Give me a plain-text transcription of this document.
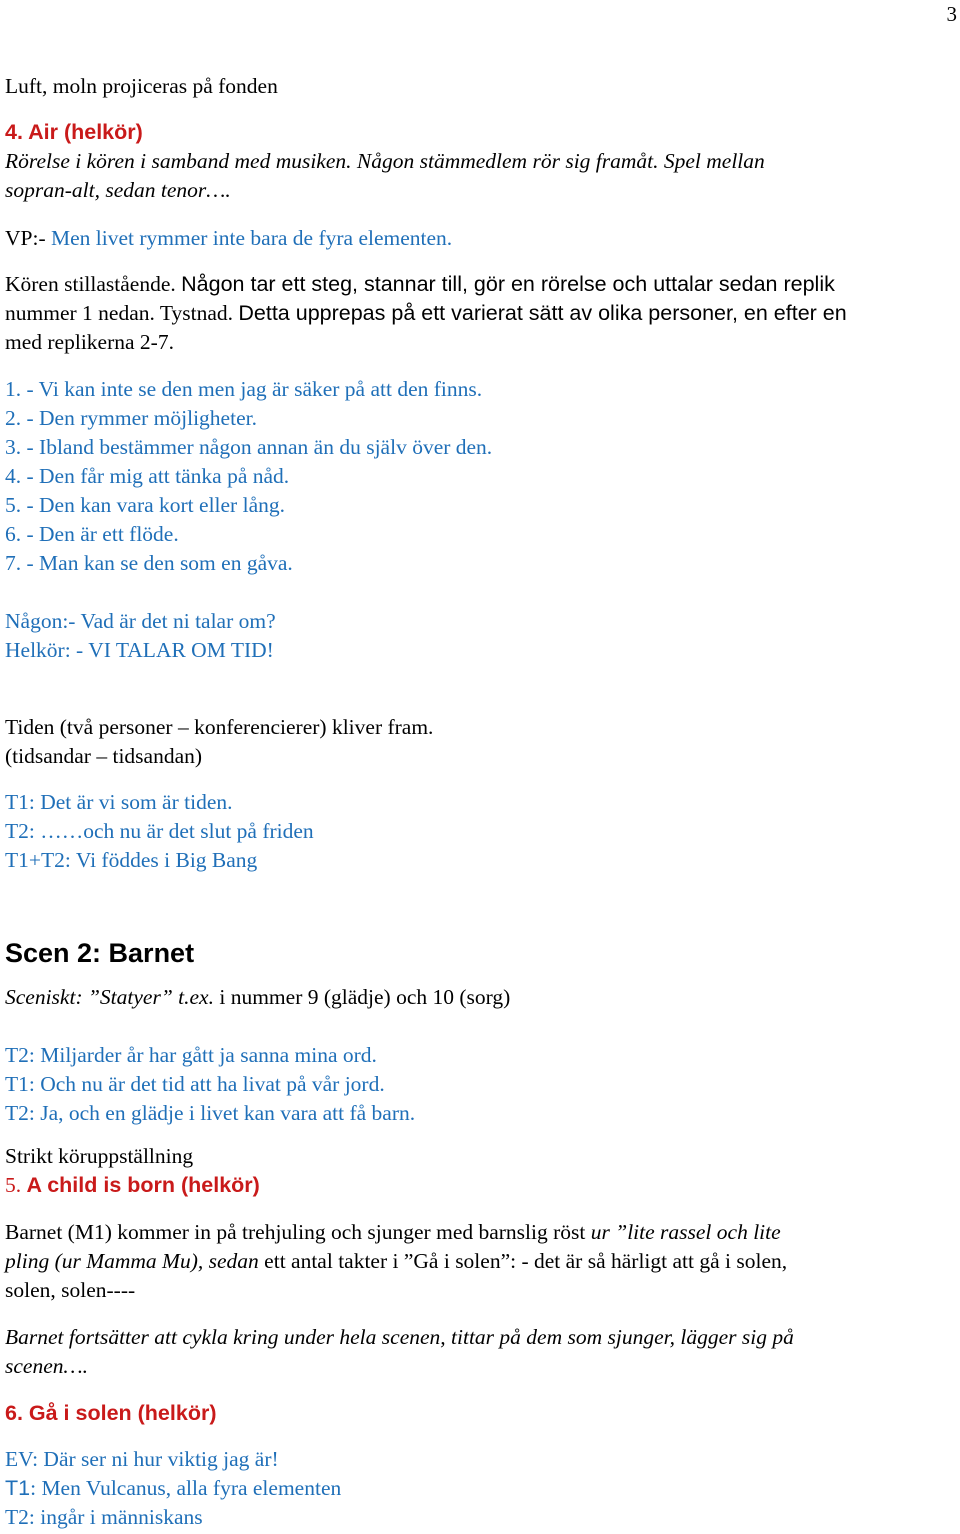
3
Luft, moln projiceras på fonden
4. Air (helkör)
Rörelse i kören i samband med musiken. Någon stämmedlem rör sig framåt. Spel mellan
sopran-alt, sedan tenor….
VP:- Men livet rymmer inte bara de fyra elementen.
Kören stillastående. Någon tar ett steg, stannar till, gör en rörelse och uttalar sedan replik
nummer 1 nedan. Tystnad. Detta upprepas på ett varierat sätt av olika personer, en efter en
med replikerna 2-7.
1. - Vi kan inte se den men jag är säker på att den finns.
2. - Den rymmer möjligheter.
3. - Ibland bestämmer någon annan än du själv över den.
4. - Den får mig att tänka på nåd.
5. - Den kan vara kort eller lång.
6. - Den är ett flöde.
7. - Man kan se den som en gåva.
Någon:- Vad är det ni talar om?
Helkör: - VI TALAR OM TID!
Tiden (två personer – konferencierer) kliver fram.
(tidsandar – tidsandan)
T1: Det är vi som är tiden.
T2: ……och nu är det slut på friden
T1+T2: Vi föddes i Big Bang
Scen 2: Barnet
Sceniskt: ”Statyer” t.ex. i nummer 9 (glädje) och 10 (sorg)
T2: Miljarder år har gått ja sanna mina ord.
T1: Och nu är det tid att ha livat på vår jord.
T2: Ja, och en glädje i livet kan vara att få barn.
Strikt köruppställning
5. A child is born (helkör)
Barnet (M1) kommer in på trehjuling och sjunger med barnslig röst ur ”lite rassel och lite
pling (ur Mamma Mu), sedan ett antal takter i ”Gå i solen”: - det är så härligt att gå i solen,
solen, solen----
Barnet fortsätter att cykla kring under hela scenen, tittar på dem som sjunger, lägger sig på
scenen….
6. Gå i solen (helkör)
EV: Där ser ni hur viktig jag är!
T1: Men Vulcanus, alla fyra elementen
T2: ingår i människans
